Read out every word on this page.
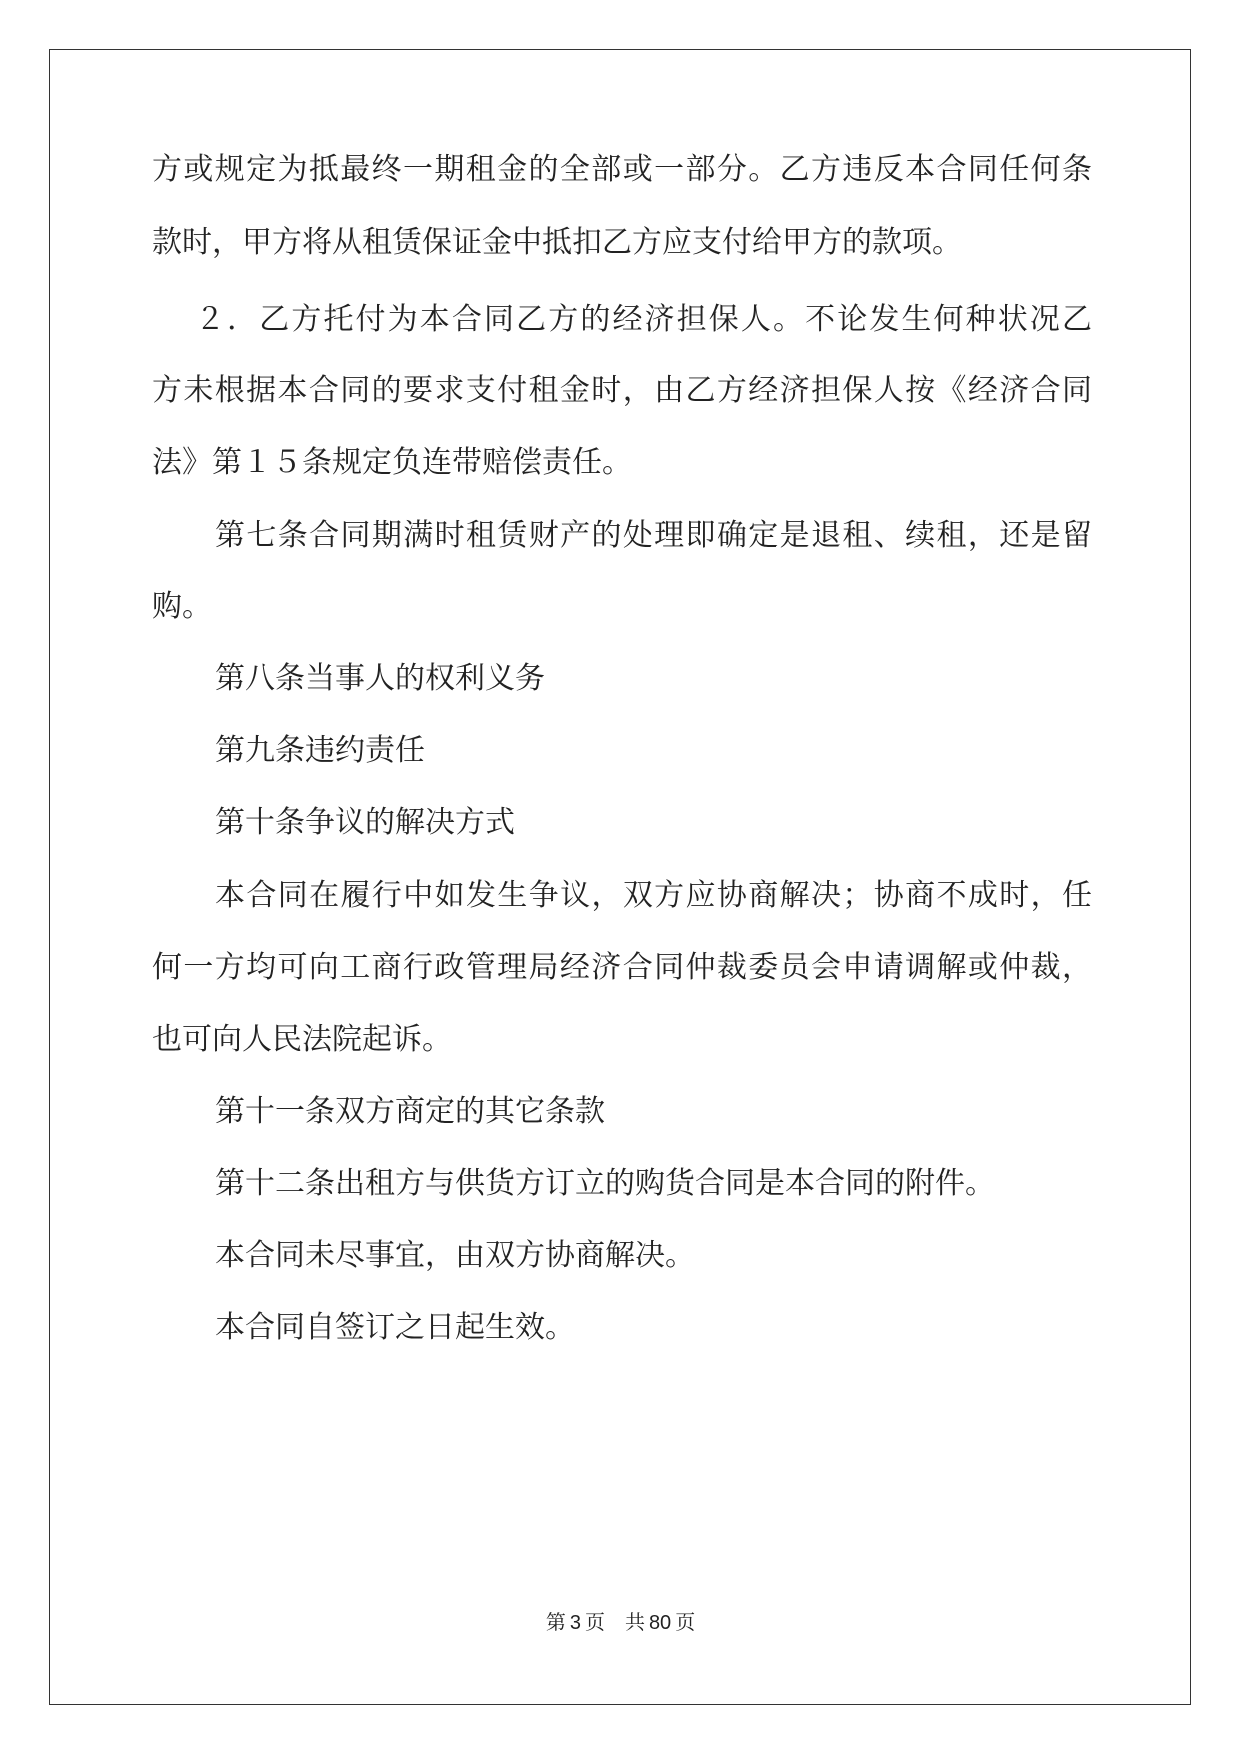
方或规定为抵最终一期租金的全部或一部分。乙方违反本合同任何条
款时，甲方将从租赁保证金中抵扣乙方应支付给甲方的款项。
２．乙方托付为本合同乙方的经济担保人。不论发生何种状况乙
方未根据本合同的要求支付租金时，由乙方经济担保人按《经济合同
法》第１５条规定负连带赔偿责任。
第七条合同期满时租赁财产的处理即确定是退租、续租，还是留
购。
第八条当事人的权利义务
第九条违约责任
第十条争议的解决方式
本合同在履行中如发生争议，双方应协商解决；协商不成时，任
何一方均可向工商行政管理局经济合同仲裁委员会申请调解或仲裁，
也可向人民法院起诉。
第十一条双方商定的其它条款
第十二条出租方与供货方订立的购货合同是本合同的附件。
本合同未尽事宜，由双方协商解决。
本合同自签订之日起生效。
第 3 页 共 80 页
